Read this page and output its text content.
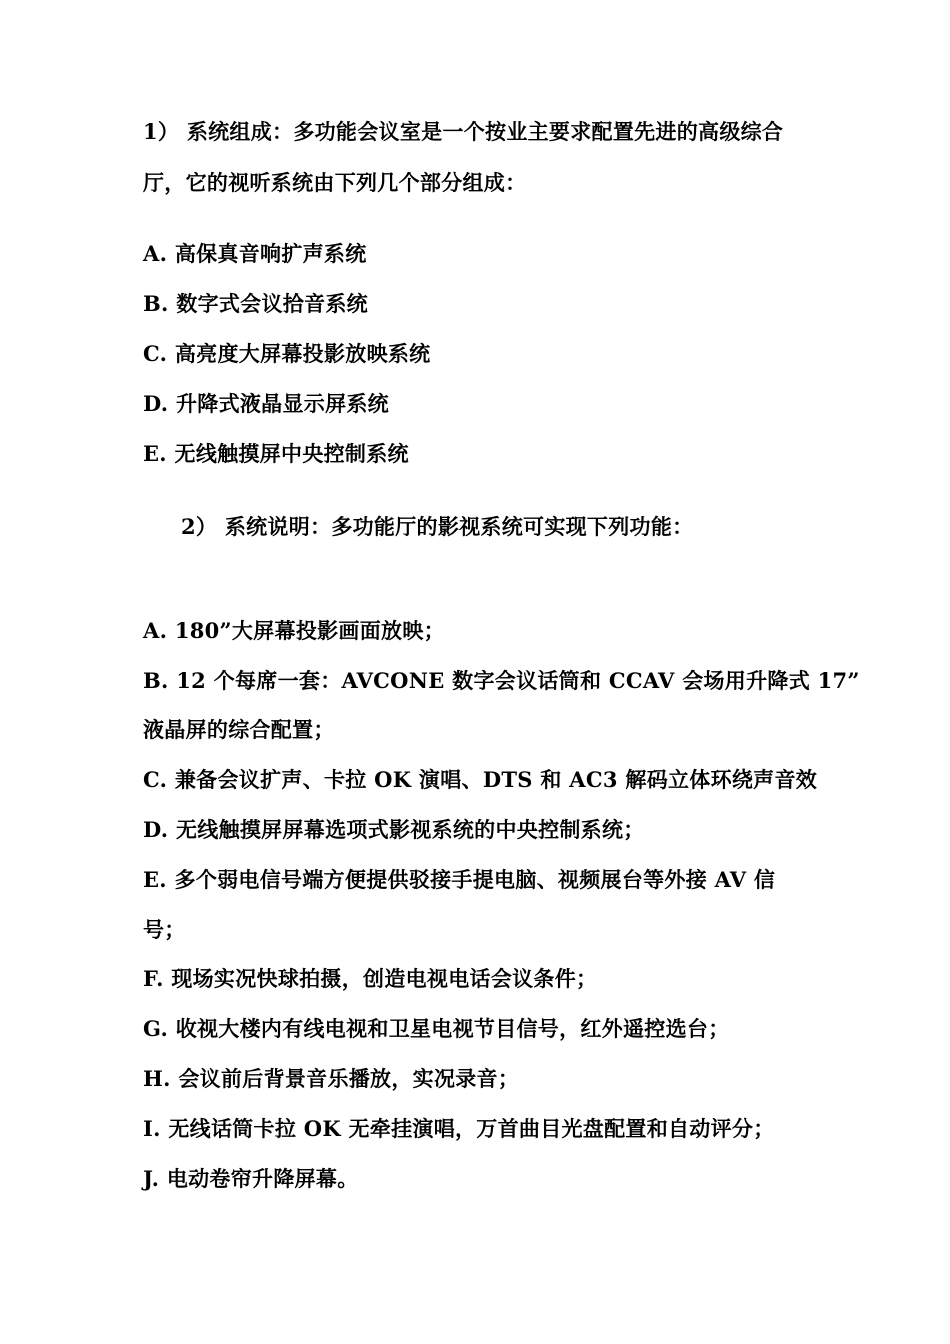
1） 系统组成：多功能会议室是一个按业主要求配置先进的高级综合
厅，它的视听系统由下列几个部分组成：
A. 高保真音响扩声系统
B. 数字式会议拾音系统
C. 高亮度大屏幕投影放映系统
D. 升降式液晶显示屏系统
E. 无线触摸屏中央控制系统
2） 系统说明：多功能厅的影视系统可实现下列功能：
A. 180”大屏幕投影画面放映；
B. 12 个每席一套：AVCONE 数字会议话筒和 CCAV 会场用升降式 17”
液晶屏的综合配置；
C. 兼备会议扩声、卡拉 OK 演唱、DTS 和 AC3 解码立体环绕声音效
D. 无线触摸屏屏幕选项式影视系统的中央控制系统；
E. 多个弱电信号端方便提供驳接手提电脑、视频展台等外接 AV 信
号；
F. 现场实况快球拍摄，创造电视电话会议条件；
G. 收视大楼内有线电视和卫星电视节目信号，红外遥控选台；
H. 会议前后背景音乐播放，实况录音；
I. 无线话筒卡拉 OK 无牵挂演唱，万首曲目光盘配置和自动评分；
J. 电动卷帘升降屏幕。
